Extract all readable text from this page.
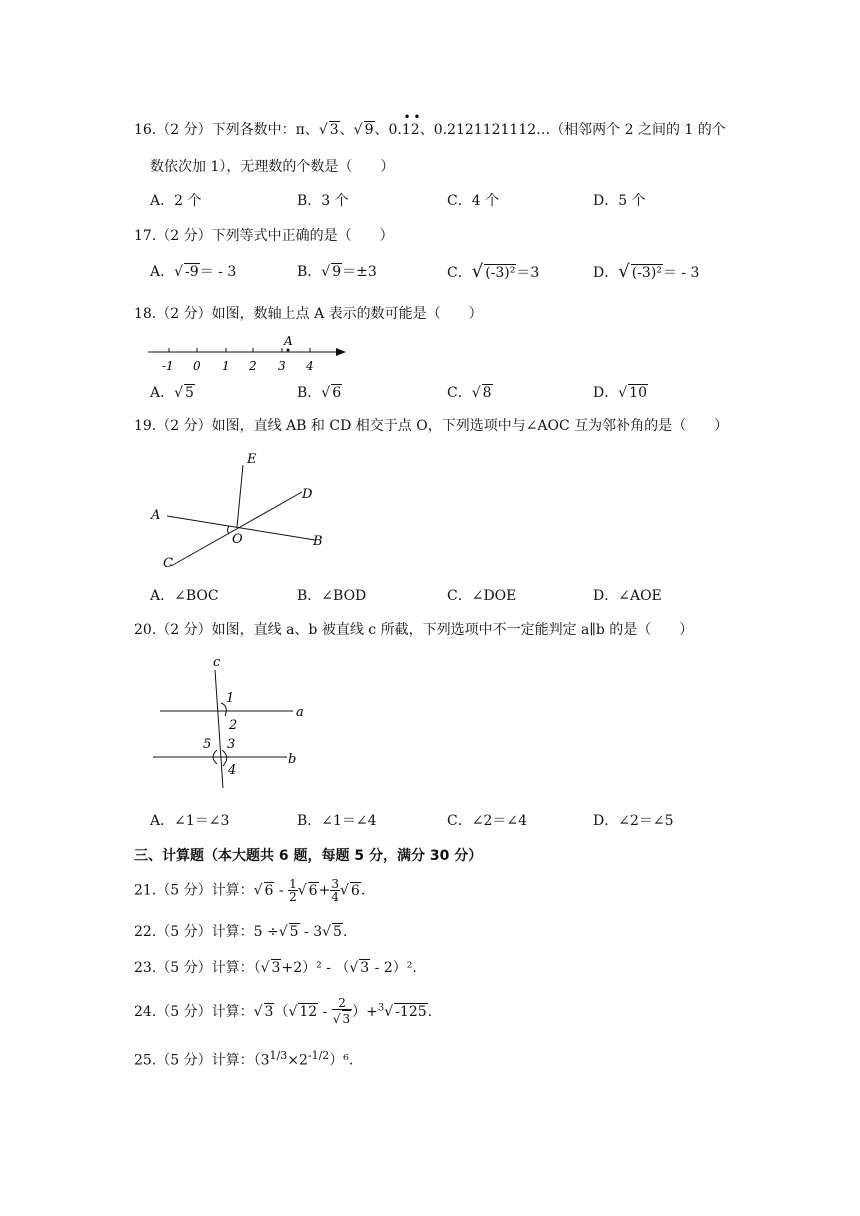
16.（2 分）下列各数中：π、√ 3、√ 9、0.
• •
12、0.2121121112…（相邻两个 2 之间的 1 的个
数依次加 1），无理数的个数是（　　）
A．2 个	B．3 个	C．4 个	D．5 个
17.（2 分）下列等式中正确的是（　　）
A．√ -9＝ - 3	B．√ 9＝±3	C．√ (-3)²＝3	D．√ (-3)²＝ - 3
18.（2 分）如图，数轴上点 A 表示的数可能是（　　）
A
-1 0 1 2 3 4
A．√ 5	B．√ 6	C．√ 8	D．√ 10
19.（2 分）如图，直线 AB 和 CD 相交于点 O，下列选项中与∠AOC 互为邻补角的是（　　）
E
D
A
O	B
C
A．∠BOC	B．∠BOD	C．∠DOE	D．∠AOE
20.（2 分）如图，直线 a、b 被直线 c 所截，下列选项中不一定能判定 a∥b 的是（　　）
c
1
2
a
5 3
b
4
A．∠1＝∠3	B．∠1＝∠4	C．∠2＝∠4	D．∠2＝∠5
三、计算题（本大题共 6 题，每题 5 分，满分 30 分）
21.（5 分）计算：√ $6 - \frac{1}{2}$ √ $6+ \frac{3}{4}$ √ 6.
22.（5 分）计算：5 ÷√ 5 - 3√ 5.
23.（5 分）计算：（√ 3+2）² - （√ 3 - 2）².
24.（5 分）计算：√ 3（√ $12 - \frac{2}{√ 3} )+^3√$ -125.
25.（5 分）计算：$(3^{1/3}\times 2^{-1/2})^6$.
